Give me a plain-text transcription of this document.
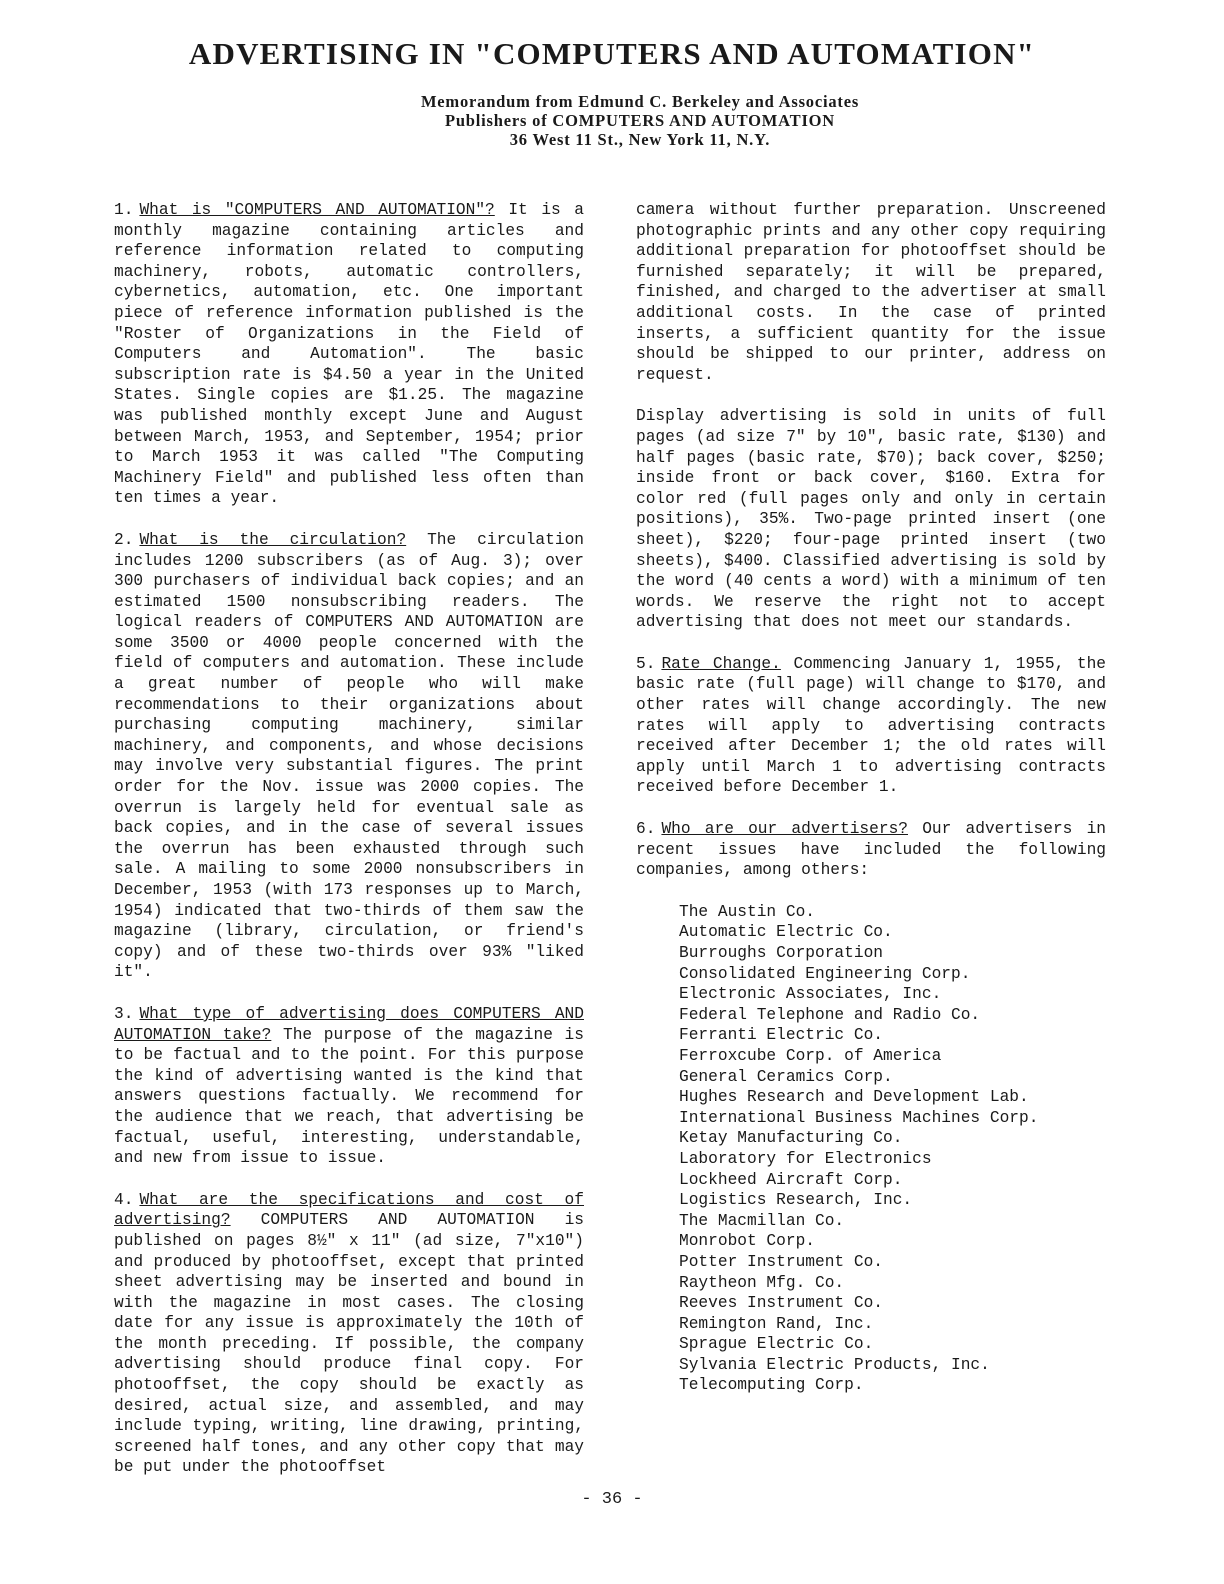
ADVERTISING IN "COMPUTERS AND AUTOMATION"
Memorandum from Edmund C. Berkeley and Associates
Publishers of COMPUTERS AND AUTOMATION
36 West 11 St., New York 11, N.Y.

1. What is "COMPUTERS AND AUTOMATION"? It is a monthly magazine containing articles and reference information related to computing machinery, robots, automatic controllers, cybernetics, automation, etc. One important piece of reference information published is the "Roster of Organizations in the Field of Computers and Automation". The basic subscription rate is $4.50 a year in the United States. Single copies are $1.25. The magazine was published monthly except June and August between March, 1953, and September, 1954; prior to March 1953 it was called "The Computing Machinery Field" and published less often than ten times a year.

2. What is the circulation? The circulation includes 1200 subscribers (as of Aug. 3); over 300 purchasers of individual back copies; and an estimated 1500 nonsubscribing readers. The logical readers of COMPUTERS AND AUTOMATION are some 3500 or 4000 people concerned with the field of computers and automation. These include a great number of people who will make recommendations to their organizations about purchasing computing machinery, similar machinery, and components, and whose decisions may involve very substantial figures. The print order for the Nov. issue was 2000 copies. The overrun is largely held for eventual sale as back copies, and in the case of several issues the overrun has been exhausted through such sale. A mailing to some 2000 nonsubscribers in December, 1953 (with 173 responses up to March, 1954) indicated that two-thirds of them saw the magazine (library, circulation, or friend's copy) and of these two-thirds over 93% "liked it".

3. What type of advertising does COMPUTERS AND AUTOMATION take? The purpose of the magazine is to be factual and to the point. For this purpose the kind of advertising wanted is the kind that answers questions factually. We recommend for the audience that we reach, that advertising be factual, useful, interesting, understandable, and new from issue to issue.

4. What are the specifications and cost of advertising? COMPUTERS AND AUTOMATION is published on pages 8½" x 11" (ad size, 7"x10") and produced by photooffset, except that printed sheet advertising may be inserted and bound in with the magazine in most cases. The closing date for any issue is approximately the 10th of the month preceding. If possible, the company advertising should produce final copy. For photooffset, the copy should be exactly as desired, actual size, and assembled, and may include typing, writing, line drawing, printing, screened half tones, and any other copy that may be put under the photooffset

camera without further preparation. Unscreened photographic prints and any other copy requiring additional preparation for photooffset should be furnished separately; it will be prepared, finished, and charged to the advertiser at small additional costs. In the case of printed inserts, a sufficient quantity for the issue should be shipped to our printer, address on request.

Display advertising is sold in units of full pages (ad size 7" by 10", basic rate, $130) and half pages (basic rate, $70); back cover, $250; inside front or back cover, $160. Extra for color red (full pages only and only in certain positions), 35%. Two-page printed insert (one sheet), $220; four-page printed insert (two sheets), $400. Classified advertising is sold by the word (40 cents a word) with a minimum of ten words. We reserve the right not to accept advertising that does not meet our standards.

5. Rate Change. Commencing January 1, 1955, the basic rate (full page) will change to $170, and other rates will change accordingly. The new rates will apply to advertising contracts received after December 1; the old rates will apply until March 1 to advertising contracts received before December 1.

6. Who are our advertisers? Our advertisers in recent issues have included the following companies, among others:

The Austin Co.
Automatic Electric Co.
Burroughs Corporation
Consolidated Engineering Corp.
Electronic Associates, Inc.
Federal Telephone and Radio Co.
Ferranti Electric Co.
Ferroxcube Corp. of America
General Ceramics Corp.
Hughes Research and Development Lab.
International Business Machines Corp.
Ketay Manufacturing Co.
Laboratory for Electronics
Lockheed Aircraft Corp.
Logistics Research, Inc.
The Macmillan Co.
Monrobot Corp.
Potter Instrument Co.
Raytheon Mfg. Co.
Reeves Instrument Co.
Remington Rand, Inc.
Sprague Electric Co.
Sylvania Electric Products, Inc.
Telecomputing Corp.
- 36 -
